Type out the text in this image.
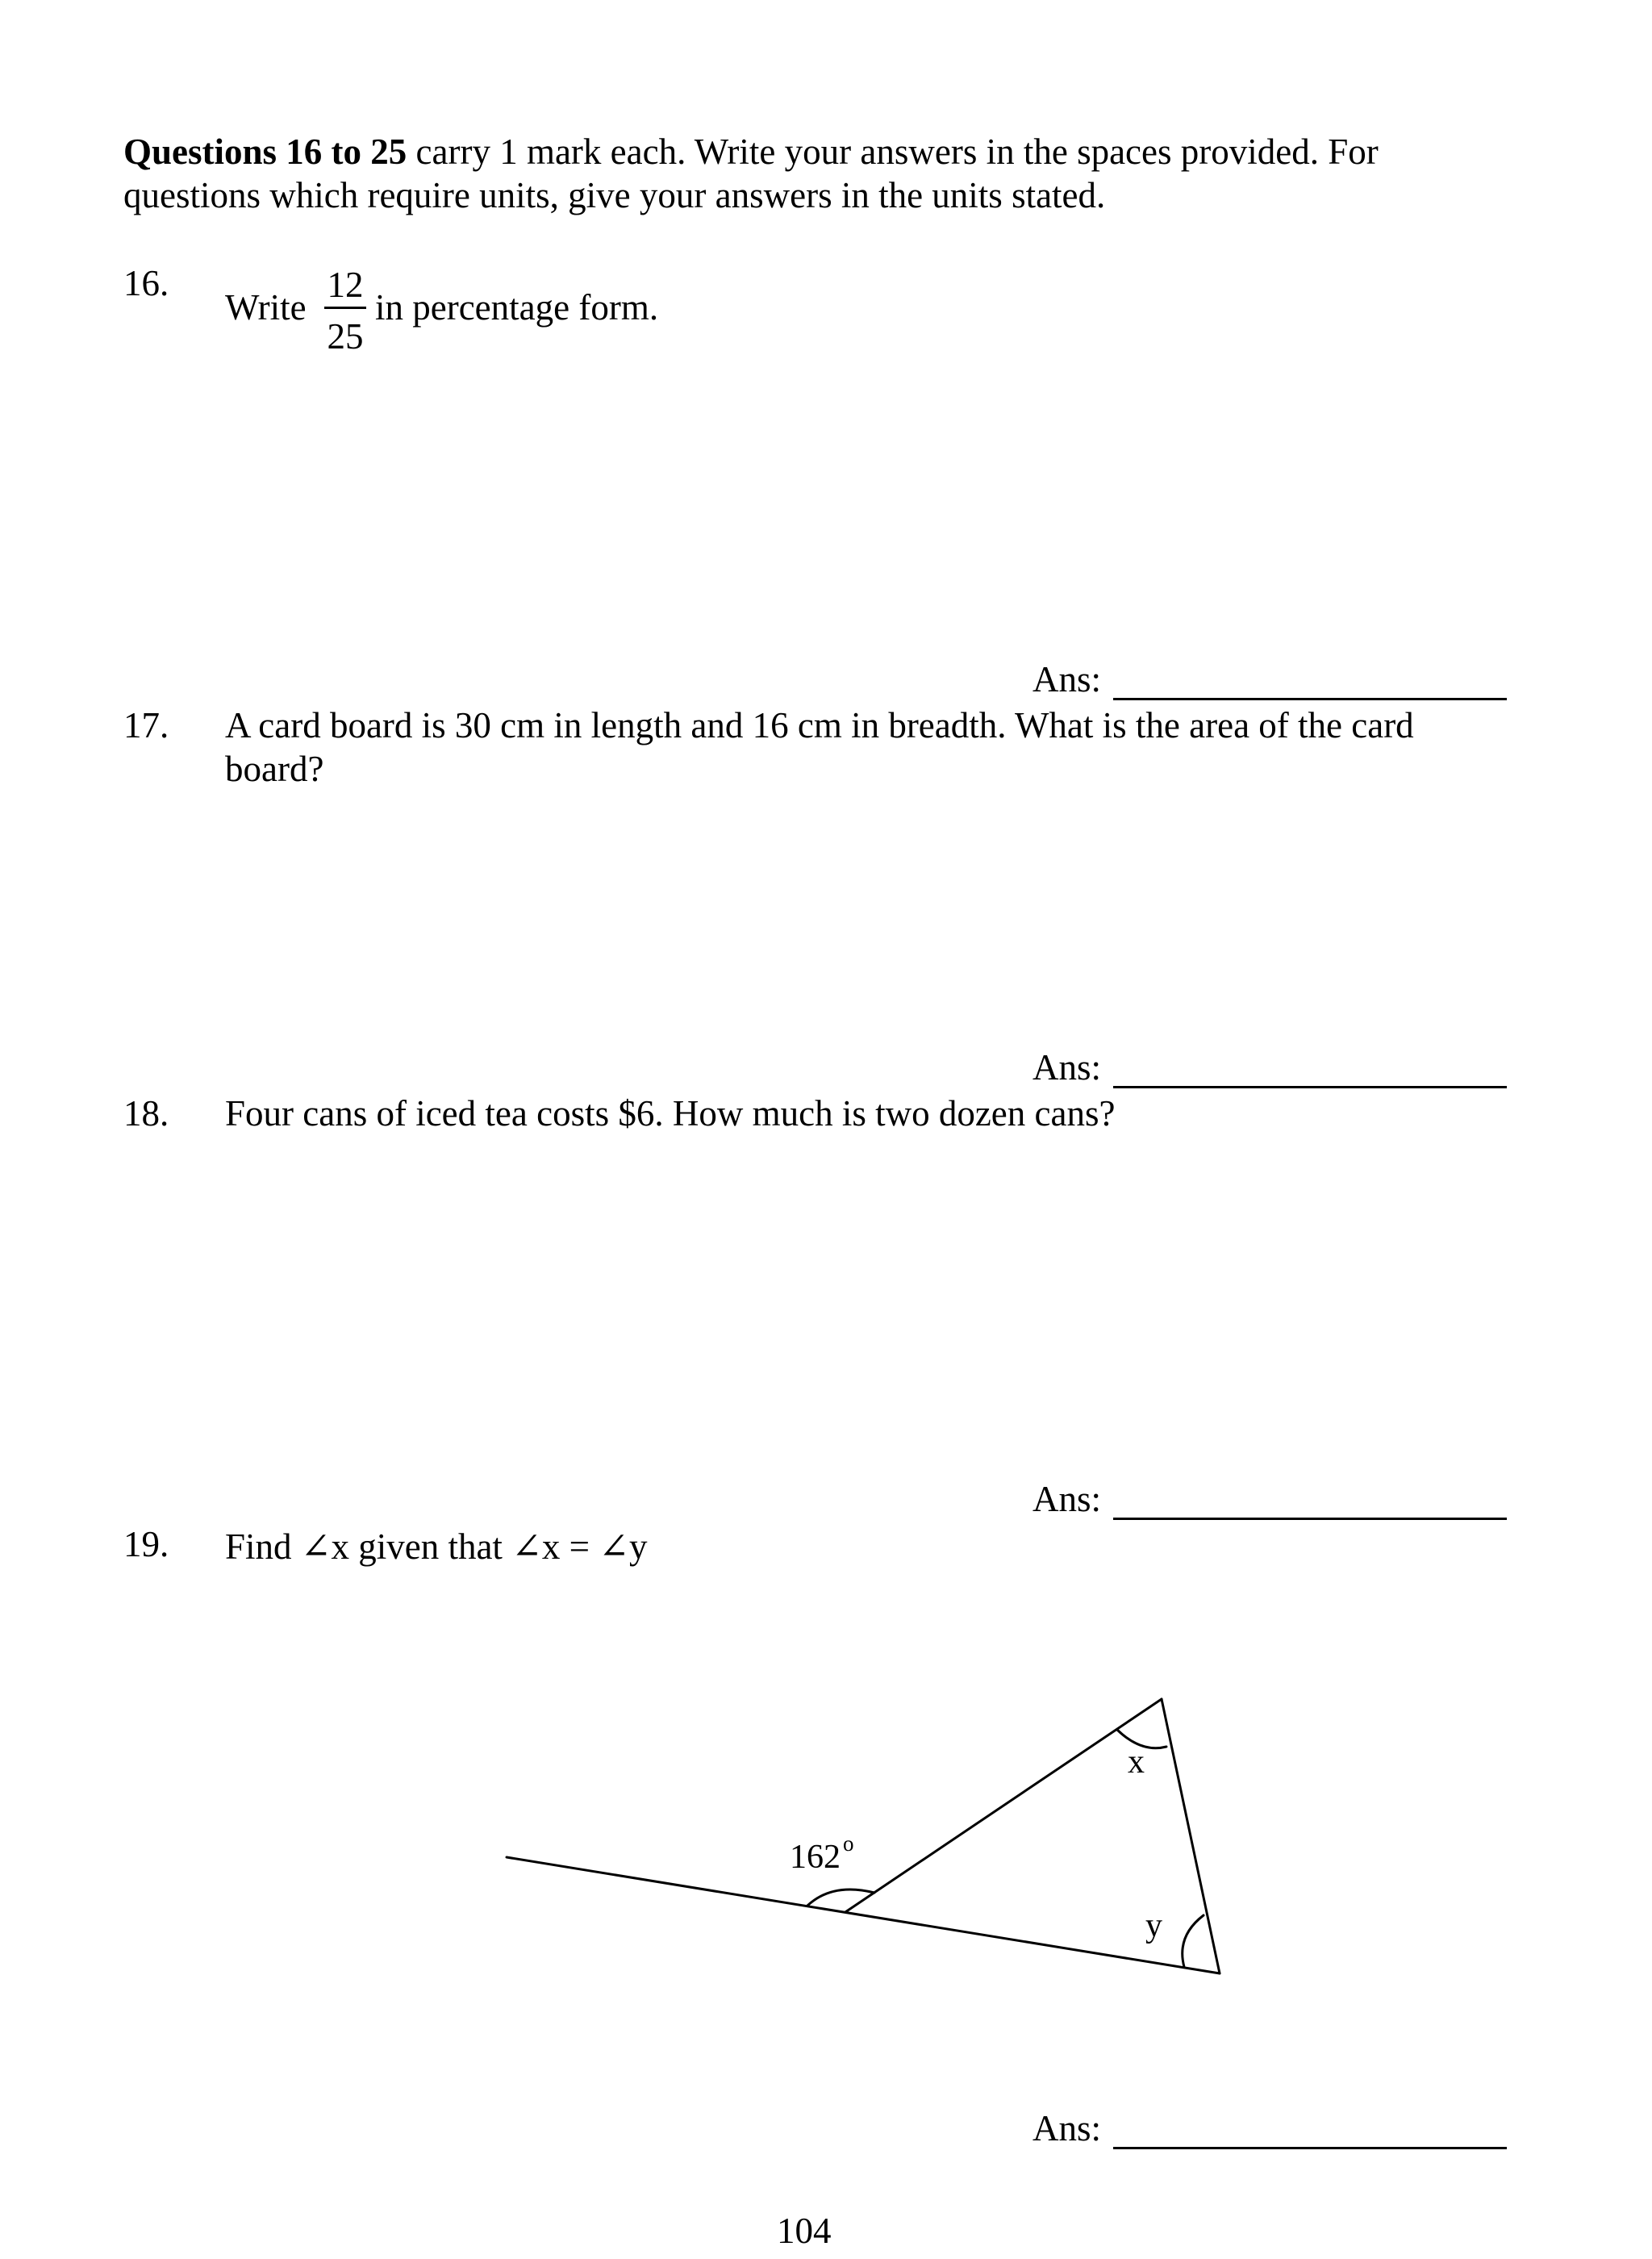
Questions 16 to 25 carry 1 mark each. Write your answers in the spaces provided. For
questions which require units, give your answers in the units stated.
16.
Write
12
25
in percentage form.
Ans:
17. A card board is 30 cm in length and 16 cm in breadth. What is the area of the card
board?
Ans:
18. Four cans of iced tea costs $6. How much is two dozen cans?
Ans:
19. Find ∠x given that ∠x = ∠y
162 o
x
y
Ans:
104
